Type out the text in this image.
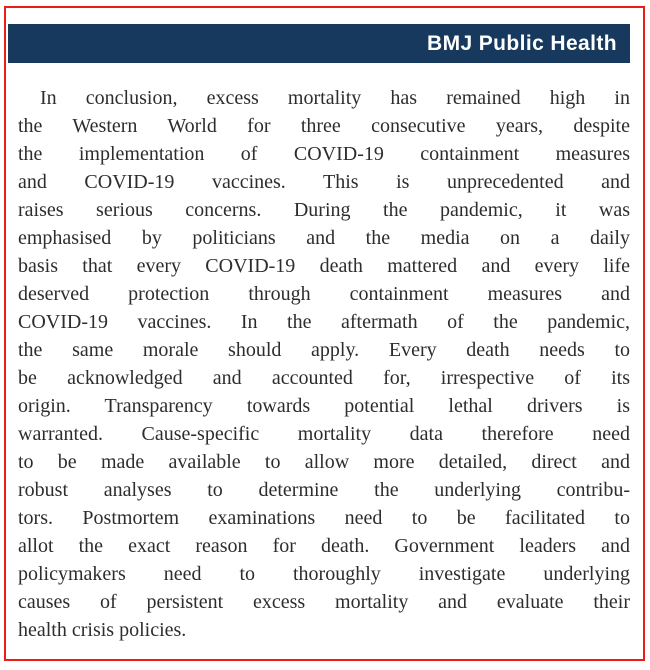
BMJ Public Health
In conclusion, excess mortality has remained high in
the Western World for three consecutive years, despite
the implementation of COVID-19 containment measures
and COVID-19 vaccines. This is unprecedented and
raises serious concerns. During the pandemic, it was
emphasised by politicians and the media on a daily
basis that every COVID-19 death mattered and every life
deserved protection through containment measures and
COVID-19 vaccines. In the aftermath of the pandemic,
the same morale should apply. Every death needs to
be acknowledged and accounted for, irrespective of its
origin. Transparency towards potential lethal drivers is
warranted. Cause-specific mortality data therefore need
to be made available to allow more detailed, direct and
robust analyses to determine the underlying contribu-
tors. Postmortem examinations need to be facilitated to
allot the exact reason for death. Government leaders and
policymakers need to thoroughly investigate underlying
causes of persistent excess mortality and evaluate their
health crisis policies.
